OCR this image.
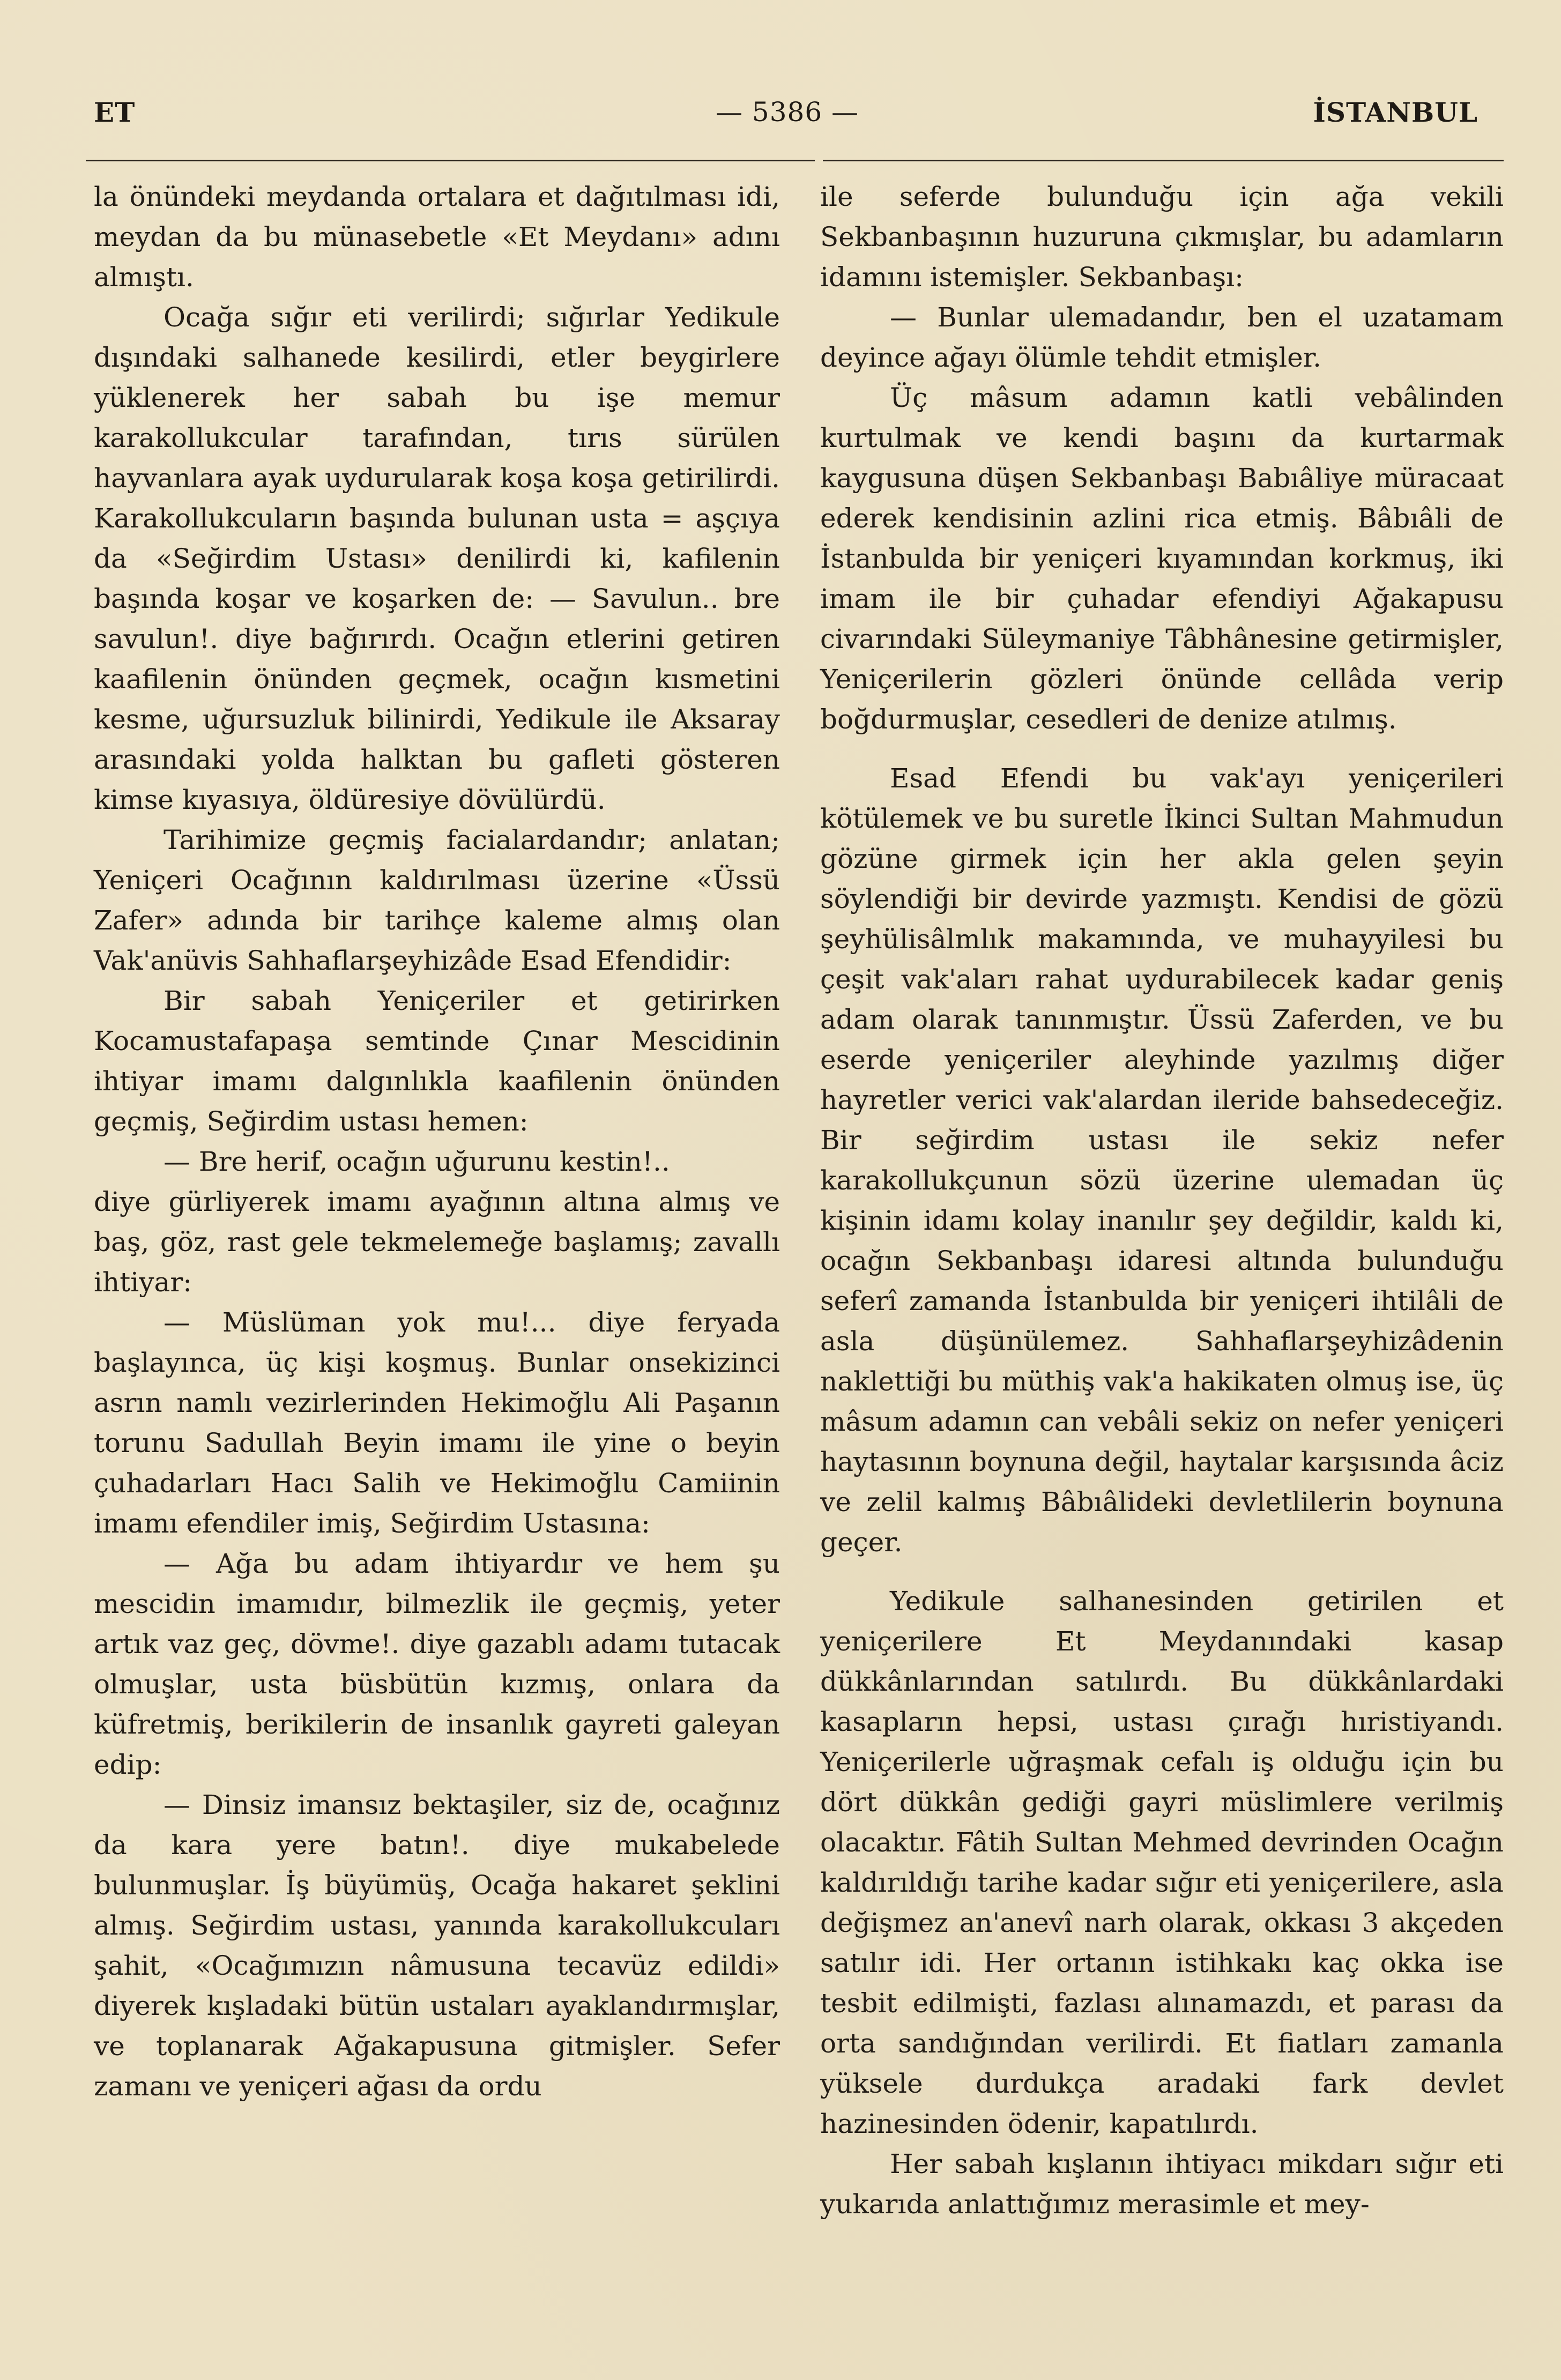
ET	— 5386 —	İSTANBUL

la önündeki meydanda ortalara et dağıtılması idi, meydan da bu münasebetle «Et Meydanı» adını almıştı.

Ocağa sığır eti verilirdi; sığırlar Yedikule dışındaki salhanede kesilirdi, etler beygirlere yüklenerek her sabah bu işe memur karakollukcular tarafından, tırıs sürülen hayvanlara ayak uydurularak koşa koşa getirilirdi. Karakollukcuların başında bulunan usta = aşçıya da «Seğirdim Ustası» denilirdi ki, kafilenin başında koşar ve koşarken de: — Savulun.. bre savulun!. diye bağırırdı. Ocağın etlerini getiren kaafilenin önünden geçmek, ocağın kısmetini kesme, uğursuzluk bilinirdi, Yedikule ile Aksaray arasındaki yolda halktan bu gafleti gösteren kimse kıyasıya, öldüresiye dövülürdü.

Tarihimize geçmiş facialardandır; anlatan; Yeniçeri Ocağının kaldırılması üzerine «Üssü Zafer» adında bir tarihçe kaleme almış olan Vak'anüvis Sahhaflarşeyhizâde Esad Efendidir:

Bir sabah Yeniçeriler et getirirken Kocamustafapaşa semtinde Çınar Mescidinin ihtiyar imamı dalgınlıkla kaafilenin önünden geçmiş, Seğirdim ustası hemen:

— Bre herif, ocağın uğurunu kestin!..

diye gürliyerek imamı ayağının altına almış ve baş, göz, rast gele tekmelemeğe başlamış; zavallı ihtiyar:

— Müslüman yok mu!... diye feryada başlayınca, üç kişi koşmuş. Bunlar onsekizinci asrın namlı vezirlerinden Hekimoğlu Ali Paşanın torunu Sadullah Beyin imamı ile yine o beyin çuhadarları Hacı Salih ve Hekimoğlu Camiinin imamı efendiler imiş, Seğirdim Ustasına:

— Ağa bu adam ihtiyardır ve hem şu mescidin imamıdır, bilmezlik ile geçmiş, yeter artık vaz geç, dövme!. diye gazablı adamı tutacak olmuşlar, usta büsbütün kızmış, onlara da küfretmiş, berikilerin de insanlık gayreti galeyan edip:

— Dinsiz imansız bektaşiler, siz de, ocağınız da kara yere batın!. diye mukabelede bulunmuşlar. İş büyümüş, Ocağa hakaret şeklini almış. Seğirdim ustası, yanında karakollukcuları şahit, «Ocağımızın nâmusuna tecavüz edildi» diyerek kışladaki bütün ustaları ayaklandırmışlar, ve toplanarak Ağakapusuna gitmişler. Sefer zamanı ve yeniçeri ağası da ordu

ile seferde bulunduğu için ağa vekili Sekbanbaşının huzuruna çıkmışlar, bu adamların idamını istemişler. Sekbanbaşı:

— Bunlar ulemadandır, ben el uzatamam deyince ağayı ölümle tehdit etmişler.

Üç mâsum adamın katli vebâlinden kurtulmak ve kendi başını da kurtarmak kaygusuna düşen Sekbanbaşı Babıâliye müracaat ederek kendisinin azlini rica etmiş. Bâbıâli de İstanbulda bir yeniçeri kıyamından korkmuş, iki imam ile bir çuhadar efendiyi Ağakapusu civarındaki Süleymaniye Tâbhânesine getirmişler, Yeniçerilerin gözleri önünde cellâda verip boğdurmuşlar, cesedleri de denize atılmış.

Esad Efendi bu vak'ayı yeniçerileri kötülemek ve bu suretle İkinci Sultan Mahmudun gözüne girmek için her akla gelen şeyin söylendiği bir devirde yazmıştı. Kendisi de gözü şeyhülisâlmlık makamında, ve muhayyilesi bu çeşit vak'aları rahat uydurabilecek kadar geniş adam olarak tanınmıştır. Üssü Zaferden, ve bu eserde yeniçeriler aleyhinde yazılmış diğer hayretler verici vak'alardan ileride bahsedeceğiz. Bir seğirdim ustası ile sekiz nefer karakollukçunun sözü üzerine ulemadan üç kişinin idamı kolay inanılır şey değildir, kaldı ki, ocağın Sekbanbaşı idaresi altında bulunduğu seferî zamanda İstanbulda bir yeniçeri ihtilâli de asla düşünülemez. Sahhaflarşeyhizâdenin naklettiği bu müthiş vak'a hakikaten olmuş ise, üç mâsum adamın can vebâli sekiz on nefer yeniçeri haytasının boynuna değil, haytalar karşısında âciz ve zelil kalmış Bâbıâlideki devletlilerin boynuna geçer.

Yedikule salhanesinden getirilen et yeniçerilere Et Meydanındaki kasap dükkânlarından satılırdı. Bu dükkânlardaki kasapların hepsi, ustası çırağı hıristiyandı. Yeniçerilerle uğraşmak cefalı iş olduğu için bu dört dükkân gediği gayri müslimlere verilmiş olacaktır. Fâtih Sultan Mehmed devrinden Ocağın kaldırıldığı tarihe kadar sığır eti yeniçerilere, asla değişmez an'anevî narh olarak, okkası 3 akçeden satılır idi. Her ortanın istihkakı kaç okka ise tesbit edilmişti, fazlası alınamazdı, et parası da orta sandığından verilirdi. Et fiatları zamanla yüksele durdukça aradaki fark devlet hazinesinden ödenir, kapatılırdı.

Her sabah kışlanın ihtiyacı mikdarı sığır eti yukarıda anlattığımız merasimle et mey-
